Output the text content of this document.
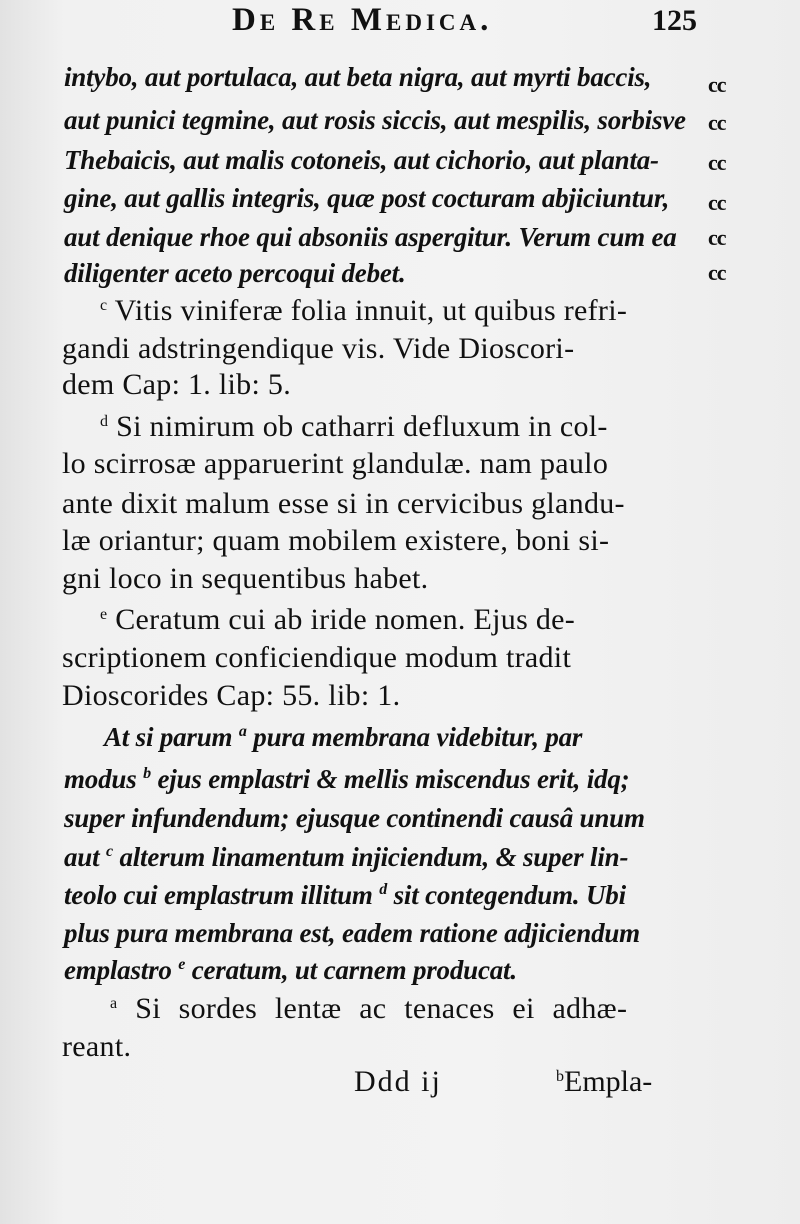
De Re Medica.	125
intybo, aut portulaca, aut beta nigra, aut myrti baccis,
aut punici tegmine, aut rosis siccis, aut mespilis, sorbisve
Thebaicis, aut malis cotoneis, aut cichorio, aut planta-
gine, aut gallis integris, quæ post cocturam abjiciuntur,
aut denique rhoe qui absoniis aspergitur. Verum cum ea
diligenter aceto percoqui debet.
cc
cc
cc
cc
cc
cc
$^c$ Vitis viniferæ folia innuit, ut quibus refri-
gandi adstringendique vis. Vide Dioscori-
dem Cap: 1. lib: 5.
$^d$ Si nimirum ob catharri defluxum in col-
lo scirrosæ apparuerint glandulæ. nam paulo
ante dixit malum esse si in cervicibus glandu-
læ oriantur; quam mobilem existere, boni si-
gni loco in sequentibus habet.
$^e$ Ceratum cui ab iride nomen. Ejus de-
scriptionem conficiendique modum tradit
Dioscorides Cap: 55. lib: 1.
At si parum $^a$ pura membrana videbitur, par
modus $^b$ ejus emplastri & mellis miscendus erit, idq;
super infundendum; ejusque continendi causâ unum
aut $^c$ alterum linamentum injiciendum, & super lin-
teolo cui emplastrum illitum $^d$ sit contegendum. Ubi
plus pura membrana est, eadem ratione adjiciendum
emplastro $^e$ ceratum, ut carnem producat.
$^a$ Si sordes lentæ ac tenaces ei adhæ-
reant.
Ddd ij	$^b$Empla-
